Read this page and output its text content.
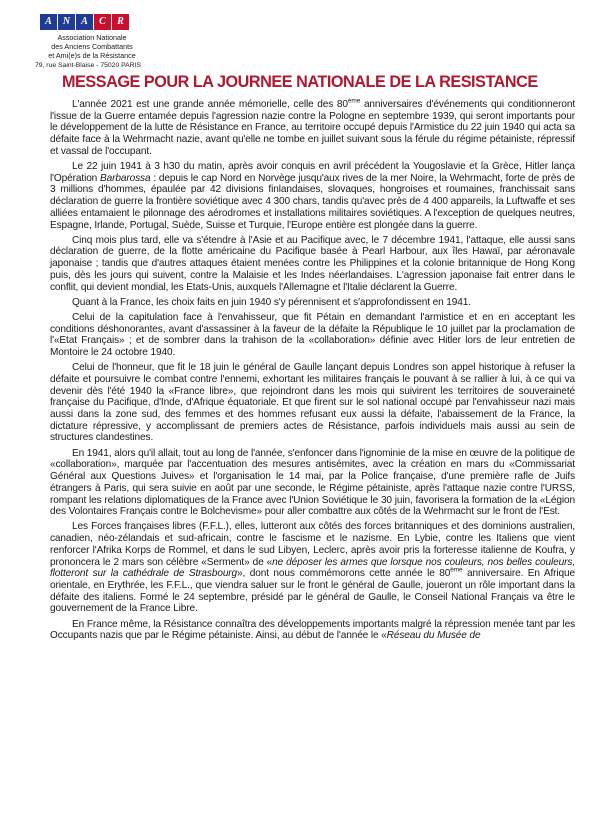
A	N	A	C	R
Association Nationale
des Anciens Combattants
et Ami(e)s de la Résistance
79, rue Saint-Blaise - 75020 PARIS
MESSAGE POUR LA JOURNEE NATIONALE DE LA RESISTANCE

L'année 2021 est une grande année mémorielle, celle des 80ème anniversaires d'événements qui conditionneront l'issue de la Guerre entamée depuis l'agression nazie contre la Pologne en septembre 1939, qui seront importants pour le développement de la lutte de Résistance en France, au territoire occupé depuis l'Armistice du 22 juin 1940 qui acta sa défaite face à la Wehrmacht nazie, avant qu'elle ne tombe en juillet suivant sous la férule du régime pétainiste, répressif et vassal de l'occupant.

Le 22 juin 1941 à 3 h30 du matin, après avoir conquis en avril précédent la Yougoslavie et la Grèce, Hitler lança l'Opération Barbarossa : depuis le cap Nord en Norvège jusqu'aux rives de la mer Noire, la Wehrmacht, forte de près de 3 millions d'hommes, épaulée par 42 divisions finlandaises, slovaques, hongroises et roumaines, franchissait sans déclaration de guerre la frontière soviétique avec 4 300 chars, tandis qu'avec près de 4 400 appareils, la Luftwaffe et ses alliées entamaient le pilonnage des aérodromes et installations militaires soviétiques. A l'exception de quelques neutres, Espagne, Irlande, Portugal, Suède, Suisse et Turquie, l'Europe entière est plongée dans la guerre.

Cinq mois plus tard, elle va s'étendre à l'Asie et au Pacifique avec, le 7 décembre 1941, l'attaque, elle aussi sans déclaration de guerre, de la flotte américaine du Pacifique basée à Pearl Harbour, aux îles Hawaï, par aéronavale japonaise ; tandis que d'autres attaques étaient menées contre les Philippines et la colonie britannique de Hong Kong puis, dès les jours qui suivent, contre la Malaisie et les Indes néerlandaises. L'agression japonaise fait entrer dans le conflit, qui devient mondial, les Etats-Unis, auxquels l'Allemagne et l'Italie déclarent la Guerre.

Quant à la France, les choix faits en juin 1940 s'y pérennisent et s'approfondissent en 1941.

Celui de la capitulation face à l'envahisseur, que fit Pétain en demandant l'armistice et en en acceptant les conditions déshonorantes, avant d'assassiner à la faveur de la défaite la République le 10 juillet par la proclamation de l'«Etat Français» ; et de sombrer dans la trahison de la «collaboration» définie avec Hitler lors de leur entretien de Montoire le 24 octobre 1940.

Celui de l'honneur, que fit le 18 juin le général de Gaulle lançant depuis Londres son appel historique à refuser la défaite et poursuivre le combat contre l'ennemi, exhortant les militaires français le pouvant à se rallier à lui, à ce qui va devenir dès l'été 1940 la «France libre», que rejoindront dans les mois qui suivirent les territoires de souveraineté française du Pacifique, d'Inde, d'Afrique équatoriale. Et que firent sur le sol national occupé par l'envahisseur nazi mais aussi dans la zone sud, des femmes et des hommes refusant eux aussi la défaite, l'abaissement de la France, la dictature répressive, y accomplissant de premiers actes de Résistance, parfois individuels mais aussi au sein de structures clandestines.

En 1941, alors qu'il allait, tout au long de l'année, s'enfoncer dans l'ignominie de la mise en œuvre de la politique de «collaboration», marquée par l'accentuation des mesures antisémites, avec la création en mars du «Commissariat Général aux Questions Juives» et l'organisation le 14 mai, par la Police française, d'une première rafle de Juifs étrangers à Paris, qui sera suivie en août par une seconde, le Régime pétainiste, après l'attaque nazie contre l'URSS, rompant les relations diplomatiques de la France avec l'Union Soviétique le 30 juin, favorisera la formation de la «Légion des Volontaires Français contre le Bolchevisme» pour aller combattre aux côtés de la Wehrmacht sur le front de l'Est.

Les Forces françaises libres (F.F.L.), elles, lutteront aux côtés des forces britanniques et des dominions australien, canadien, néo-zélandais et sud-africain, contre le fascisme et le nazisme. En Lybie, contre les Italiens que vient renforcer l'Afrika Korps de Rommel, et dans le sud Libyen, Leclerc, après avoir pris la forteresse italienne de Koufra, y prononcera le 2 mars son célèbre «Serment» de «ne déposer les armes que lorsque nos couleurs, nos belles couleurs, flotteront sur la cathédrale de Strasbourg», dont nous commémorons cette année le 80ème anniversaire. En Afrique orientale, en Erythrée, les F.F.L., que viendra saluer sur le front le général de Gaulle, joueront un rôle important dans la défaite des italiens. Formé le 24 septembre, présidé par le général de Gaulle, le Conseil National Français va être le gouvernement de la France Libre.

En France même, la Résistance connaîtra des développements importants malgré la répression menée tant par les Occupants nazis que par le Régime pétainiste. Ainsi, au début de l'année le «Réseau du Musée de
